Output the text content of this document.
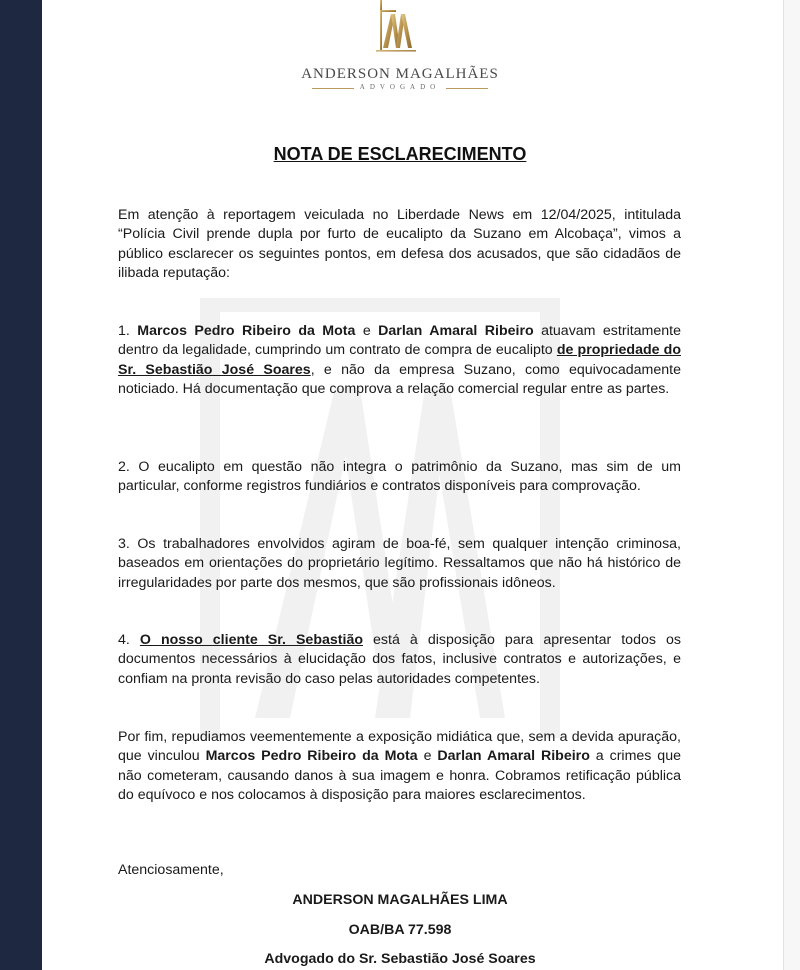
ANDERSON MAGALHÃES
ADVOGADO
NOTA DE ESCLARECIMENTO
Em atenção à reportagem veiculada no Liberdade News em 12/04/2025, intitulada “Polícia Civil prende dupla por furto de eucalipto da Suzano em Alcobaça”, vimos a público esclarecer os seguintes pontos, em defesa dos acusados, que são cidadãos de ilibada reputação:
1. Marcos Pedro Ribeiro da Mota e Darlan Amaral Ribeiro atuavam estritamente dentro da legalidade, cumprindo um contrato de compra de eucalipto de propriedade do Sr. Sebastião José Soares, e não da empresa Suzano, como equivocadamente noticiado. Há documentação que comprova a relação comercial regular entre as partes.
2. O eucalipto em questão não integra o patrimônio da Suzano, mas sim de um particular, conforme registros fundiários e contratos disponíveis para comprovação.
3. Os trabalhadores envolvidos agiram de boa-fé, sem qualquer intenção criminosa, baseados em orientações do proprietário legítimo. Ressaltamos que não há histórico de irregularidades por parte dos mesmos, que são profissionais idôneos.
4. O nosso cliente Sr. Sebastião está à disposição para apresentar todos os documentos necessários à elucidação dos fatos, inclusive contratos e autorizações, e confiam na pronta revisão do caso pelas autoridades competentes.
Por fim, repudiamos veementemente a exposição midiática que, sem a devida apuração, que vinculou Marcos Pedro Ribeiro da Mota e Darlan Amaral Ribeiro a crimes que não cometeram, causando danos à sua imagem e honra. Cobramos retificação pública do equívoco e nos colocamos à disposição para maiores esclarecimentos.
Atenciosamente,
ANDERSON MAGALHÃES LIMA
OAB/BA 77.598
Advogado do Sr. Sebastião José Soares
